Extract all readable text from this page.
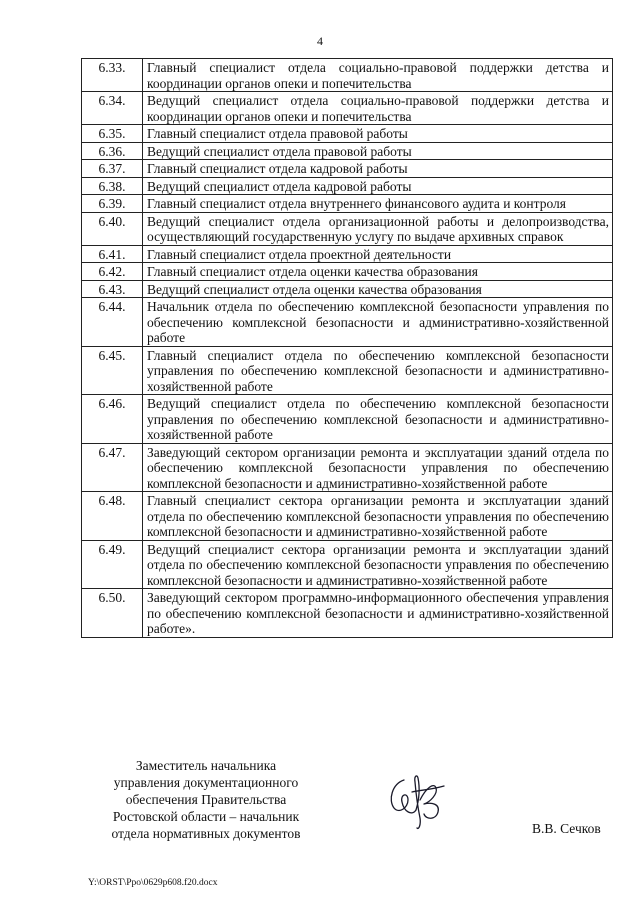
4
6.33.	Главный специалист отдела социально-правовой поддержки детства и координации органов опеки и попечительства
6.34.	Ведущий специалист отдела социально-правовой поддержки детства и координации органов опеки и попечительства
6.35.	Главный специалист отдела правовой работы
6.36.	Ведущий специалист отдела правовой работы
6.37.	Главный специалист отдела кадровой работы
6.38.	Ведущий специалист отдела кадровой работы
6.39.	Главный специалист отдела внутреннего финансового аудита и контроля
6.40.	Ведущий специалист отдела организационной работы и делопроизводства, осуществляющий государственную услугу по выдаче архивных справок
6.41.	Главный специалист отдела проектной деятельности
6.42.	Главный специалист отдела оценки качества образования
6.43.	Ведущий специалист отдела оценки качества образования
6.44.	Начальник отдела по обеспечению комплексной безопасности управления по обеспечению комплексной безопасности и административно-хозяйственной работе
6.45.	Главный специалист отдела по обеспечению комплексной безопасности управления по обеспечению комплексной безопасности и административно-хозяйственной работе
6.46.	Ведущий специалист отдела по обеспечению комплексной безопасности управления по обеспечению комплексной безопасности и административно-хозяйственной работе
6.47.	Заведующий сектором организации ремонта и эксплуатации зданий отдела по обеспечению комплексной безопасности управления по обеспечению комплексной безопасности и административно-хозяйственной работе
6.48.	Главный специалист сектора организации ремонта и эксплуатации зданий отдела по обеспечению комплексной безопасности управления по обеспечению комплексной безопасности и административно-хозяйственной работе
6.49.	Ведущий специалист сектора организации ремонта и эксплуатации зданий отдела по обеспечению комплексной безопасности управления по обеспечению комплексной безопасности и административно-хозяйственной работе
6.50.	Заведующий сектором программно-информационного обеспечения управления по обеспечению комплексной безопасности и административно-хозяйственной работе».
Заместитель начальника
управления документационного
обеспечения Правительства
Ростовской области – начальник
отдела нормативных документов	В.В. Сечков
Y:\ORST\Ppo\0629p608.f20.docx
